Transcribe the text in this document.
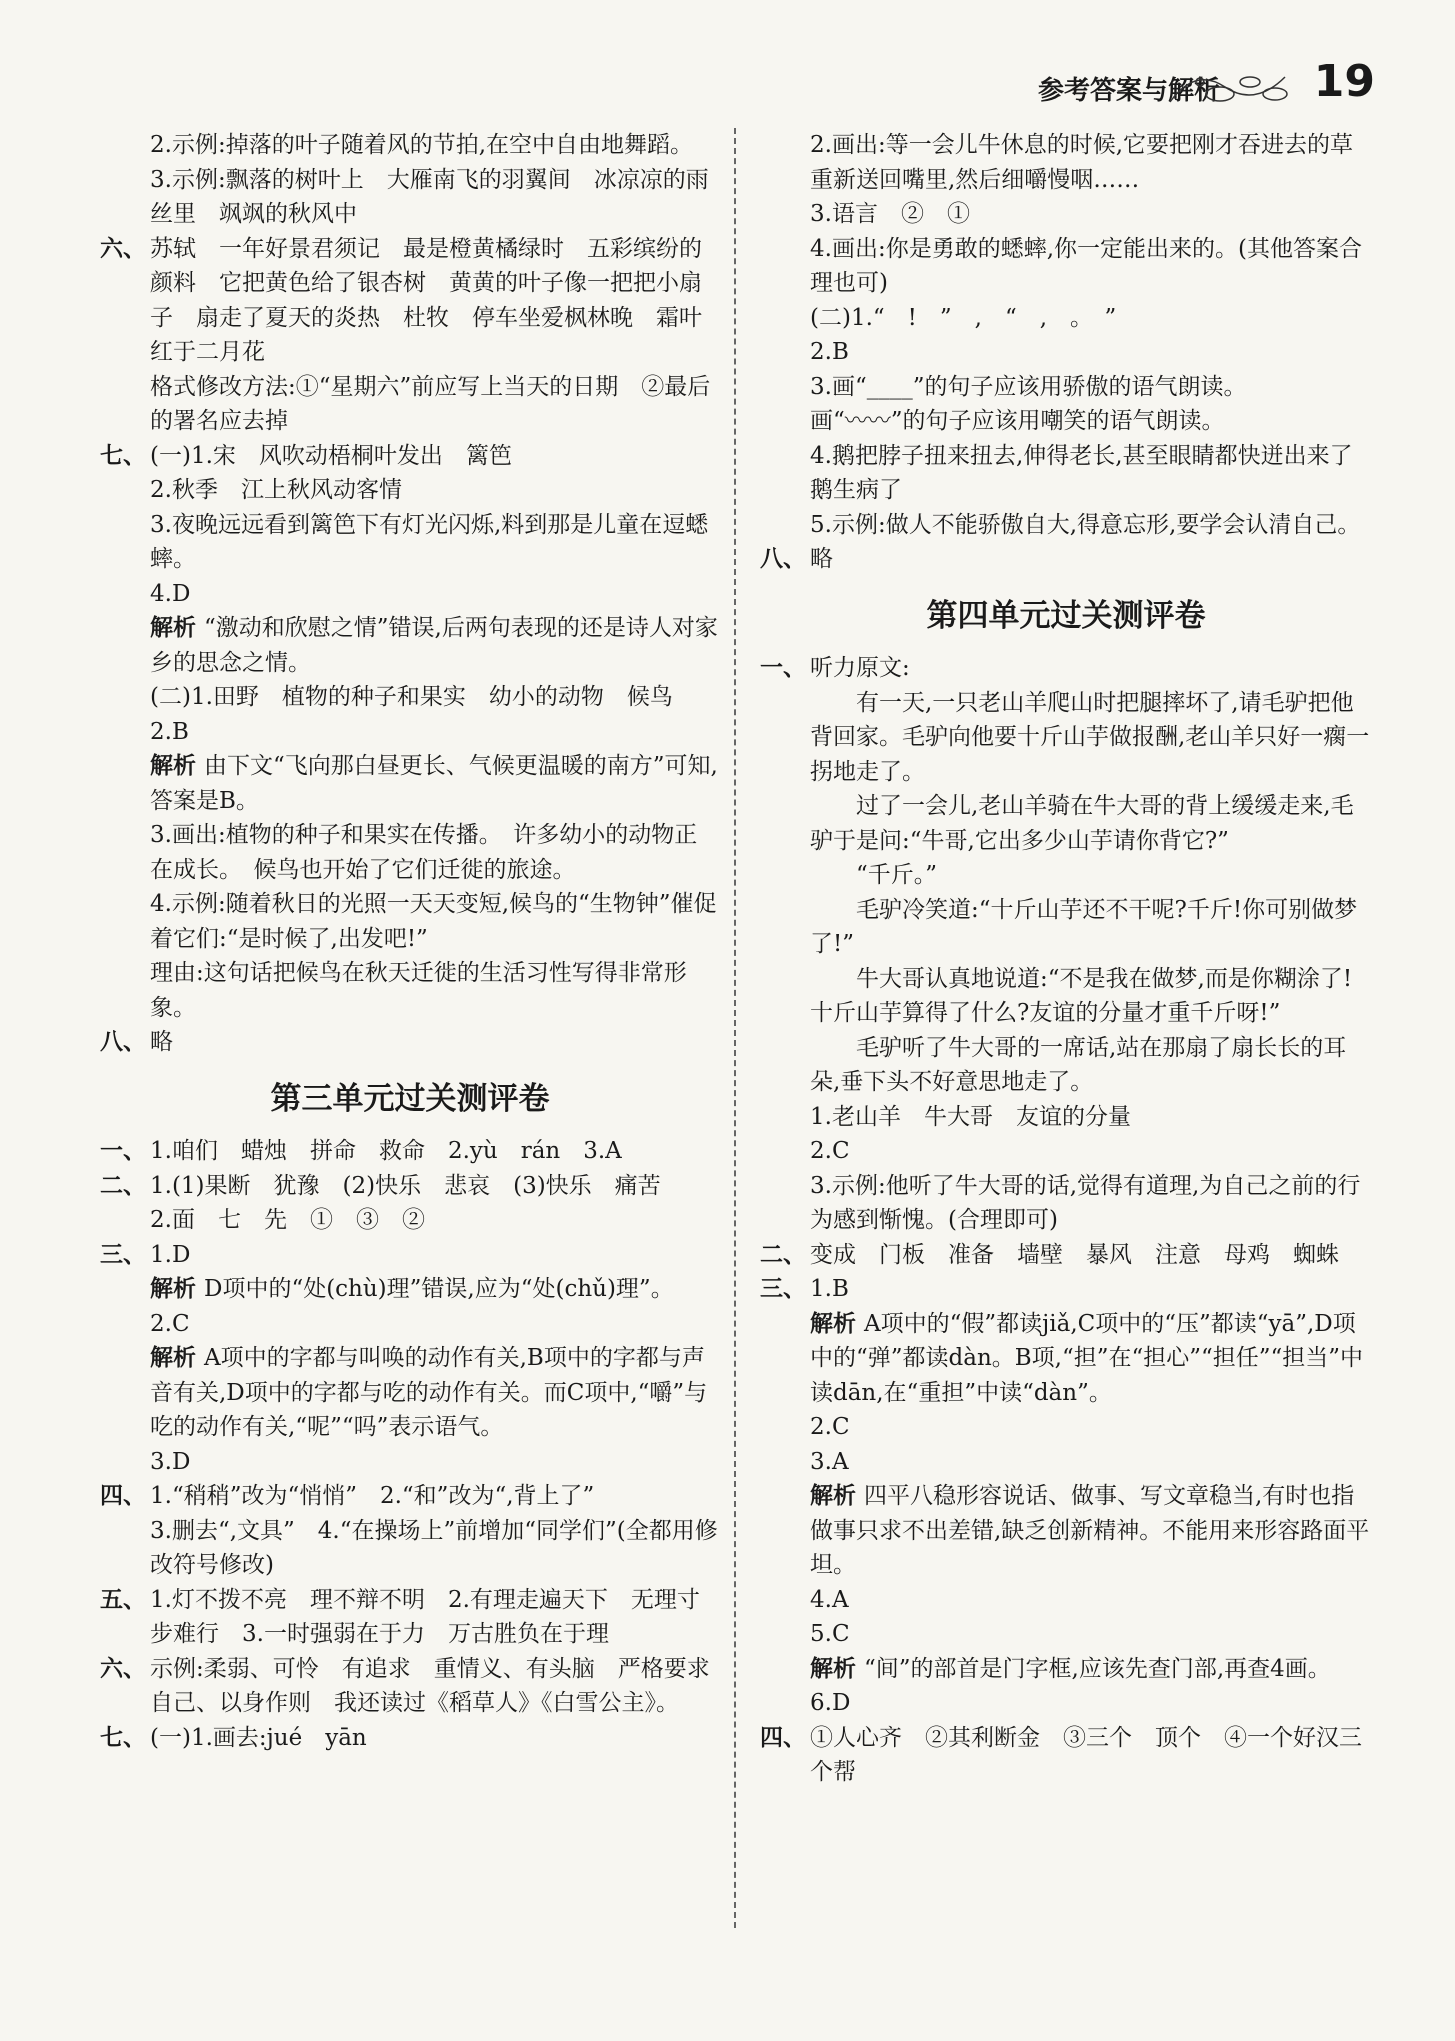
参考答案与解析 19
2.示例:掉落的叶子随着风的节拍,在空中自由地舞蹈。
3.示例:飘落的树叶上　大雁南飞的羽翼间　冰凉凉的雨丝里　飒飒的秋风中
六、 苏轼　一年好景君须记　最是橙黄橘绿时　五彩缤纷的颜料　它把黄色给了银杏树　黄黄的叶子像一把把小扇子　扇走了夏天的炎热　杜牧　停车坐爱枫林晚　霜叶红于二月花
格式修改方法:①“星期六”前应写上当天的日期　②最后的署名应去掉
七、 (一)1.宋　风吹动梧桐叶发出　篱笆
2.秋季　江上秋风动客情
3.夜晚远远看到篱笆下有灯光闪烁,料到那是儿童在逗蟋蟀。
4.D
解析 “激动和欣慰之情”错误,后两句表现的还是诗人对家乡的思念之情。
(二)1.田野　植物的种子和果实　幼小的动物　候鸟
2.B
解析 由下文“飞向那白昼更长、气候更温暖的南方”可知,答案是B。
3.画出:植物的种子和果实在传播。　许多幼小的动物正在成长。　候鸟也开始了它们迁徙的旅途。
4.示例:随着秋日的光照一天天变短,候鸟的“生物钟”催促着它们:“是时候了,出发吧!”
理由:这句话把候鸟在秋天迁徙的生活习性写得非常形象。
八、 略
第三单元过关测评卷
一、 1.咱们　蜡烛　拼命　救命　2.yù　rán　3.A
二、 1.(1)果断　犹豫　(2)快乐　悲哀　(3)快乐　痛苦
2.面　七　先　①　③　②
三、 1.D
解析 D项中的“处(chù)理”错误,应为“处(chǔ)理”。
2.C
解析 A项中的字都与叫唤的动作有关,B项中的字都与声音有关,D项中的字都与吃的动作有关。而C项中,“嚼”与吃的动作有关,“呢”“吗”表示语气。
3.D
四、 1.“稍稍”改为“悄悄”　2.“和”改为“,背上了”
3.删去“,文具”　4.“在操场上”前增加“同学们”(全都用修改符号修改)
五、 1.灯不拨不亮　理不辩不明　2.有理走遍天下　无理寸步难行　3.一时强弱在于力　万古胜负在于理
六、 示例:柔弱、可怜　有追求　重情义、有头脑　严格要求自己、以身作则　我还读过《稻草人》《白雪公主》。
七、 (一)1.画去:jué　yān
2.画出:等一会儿牛休息的时候,它要把刚才吞进去的草重新送回嘴里,然后细嚼慢咽……
3.语言　②　①
4.画出:你是勇敢的蟋蟀,你一定能出来的。(其他答案合理也可)
(二)1.“　!　”　,　“　,　。　”
2.B
3.画“____”的句子应该用骄傲的语气朗读。
画“〰〰”的句子应该用嘲笑的语气朗读。
4.鹅把脖子扭来扭去,伸得老长,甚至眼睛都快迸出来了　鹅生病了
5.示例:做人不能骄傲自大,得意忘形,要学会认清自己。
八、 略
第四单元过关测评卷
一、 听力原文:
　　有一天,一只老山羊爬山时把腿摔坏了,请毛驴把他背回家。毛驴向他要十斤山芋做报酬,老山羊只好一瘸一拐地走了。
　　过了一会儿,老山羊骑在牛大哥的背上缓缓走来,毛驴于是问:“牛哥,它出多少山芋请你背它?”
　　“千斤。”
　　毛驴冷笑道:“十斤山芋还不干呢?千斤!你可别做梦了!”
　　牛大哥认真地说道:“不是我在做梦,而是你糊涂了!十斤山芋算得了什么?友谊的分量才重千斤呀!”
　　毛驴听了牛大哥的一席话,站在那扇了扇长长的耳朵,垂下头不好意思地走了。
1.老山羊　牛大哥　友谊的分量
2.C
3.示例:他听了牛大哥的话,觉得有道理,为自己之前的行为感到惭愧。(合理即可)
二、 变成　门板　准备　墙壁　暴风　注意　母鸡　蜘蛛
三、 1.B
解析 A项中的“假”都读jiǎ,C项中的“压”都读“yā”,D项中的“弹”都读dàn。B项,“担”在“担心”“担任”“担当”中读dān,在“重担”中读“dàn”。
2.C
3.A
解析 四平八稳形容说话、做事、写文章稳当,有时也指做事只求不出差错,缺乏创新精神。不能用来形容路面平坦。
4.A
5.C
解析 “间”的部首是门字框,应该先查门部,再查4画。
6.D
四、 ①人心齐　②其利断金　③三个　顶个　④一个好汉三个帮
